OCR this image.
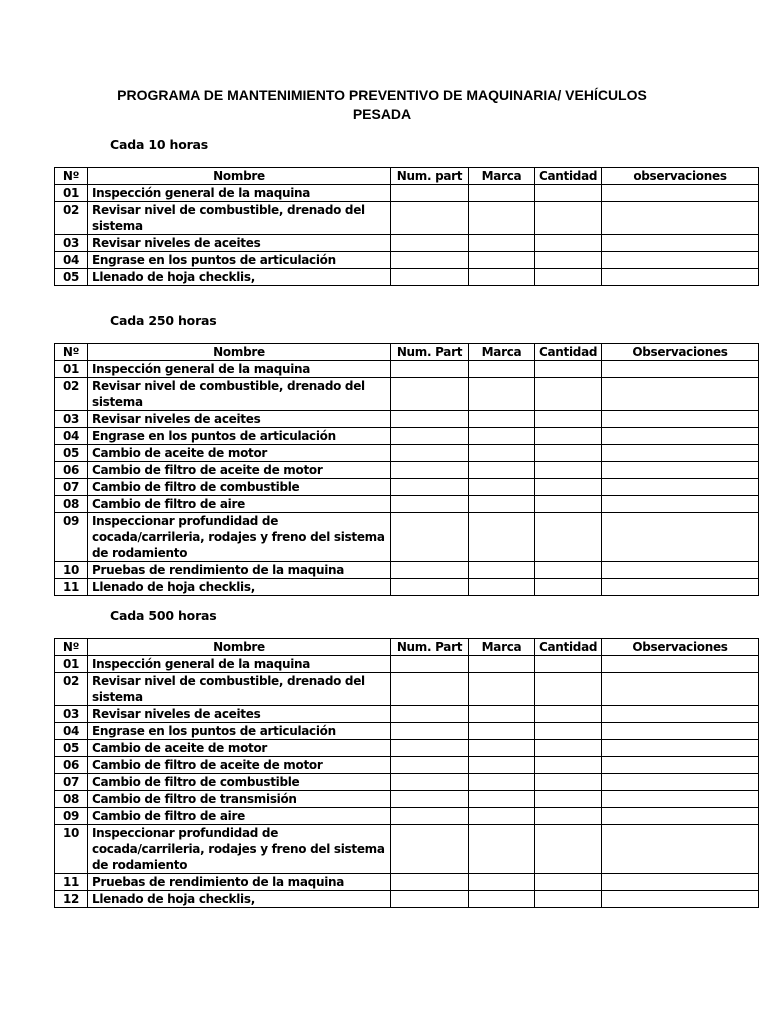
PROGRAMA DE MANTENIMIENTO PREVENTIVO DE MAQUINARIA/ VEHÍCULOS
PESADA
Cada 10 horas
Nº	Nombre	Num. part	Marca	Cantidad	observaciones
01	Inspección general de la maquina				
02	Revisar nivel de combustible, drenado del sistema				
03	Revisar niveles de aceites				
04	Engrase en los puntos de articulación				
05	Llenado de hoja checklis,				
Cada 250 horas
Nº	Nombre	Num. Part	Marca	Cantidad	Observaciones
01	Inspección general de la maquina				
02	Revisar nivel de combustible, drenado del sistema				
03	Revisar niveles de aceites				
04	Engrase en los puntos de articulación				
05	Cambio de aceite de motor				
06	Cambio de filtro de aceite de motor				
07	Cambio de filtro de combustible				
08	Cambio de filtro de aire				
09	Inspeccionar profundidad de cocada/carrileria, rodajes y freno del sistema de rodamiento				
10	Pruebas de rendimiento de la maquina				
11	Llenado de hoja checklis,				
Cada 500 horas
Nº	Nombre	Num. Part	Marca	Cantidad	Observaciones
01	Inspección general de la maquina				
02	Revisar nivel de combustible, drenado del sistema				
03	Revisar niveles de aceites				
04	Engrase en los puntos de articulación				
05	Cambio de aceite de motor				
06	Cambio de filtro de aceite de motor				
07	Cambio de filtro de combustible				
08	Cambio de filtro de transmisión				
09	Cambio de filtro de aire				
10	Inspeccionar profundidad de cocada/carrileria, rodajes y freno del sistema de rodamiento				
11	Pruebas de rendimiento de la maquina				
12	Llenado de hoja checklis,				
